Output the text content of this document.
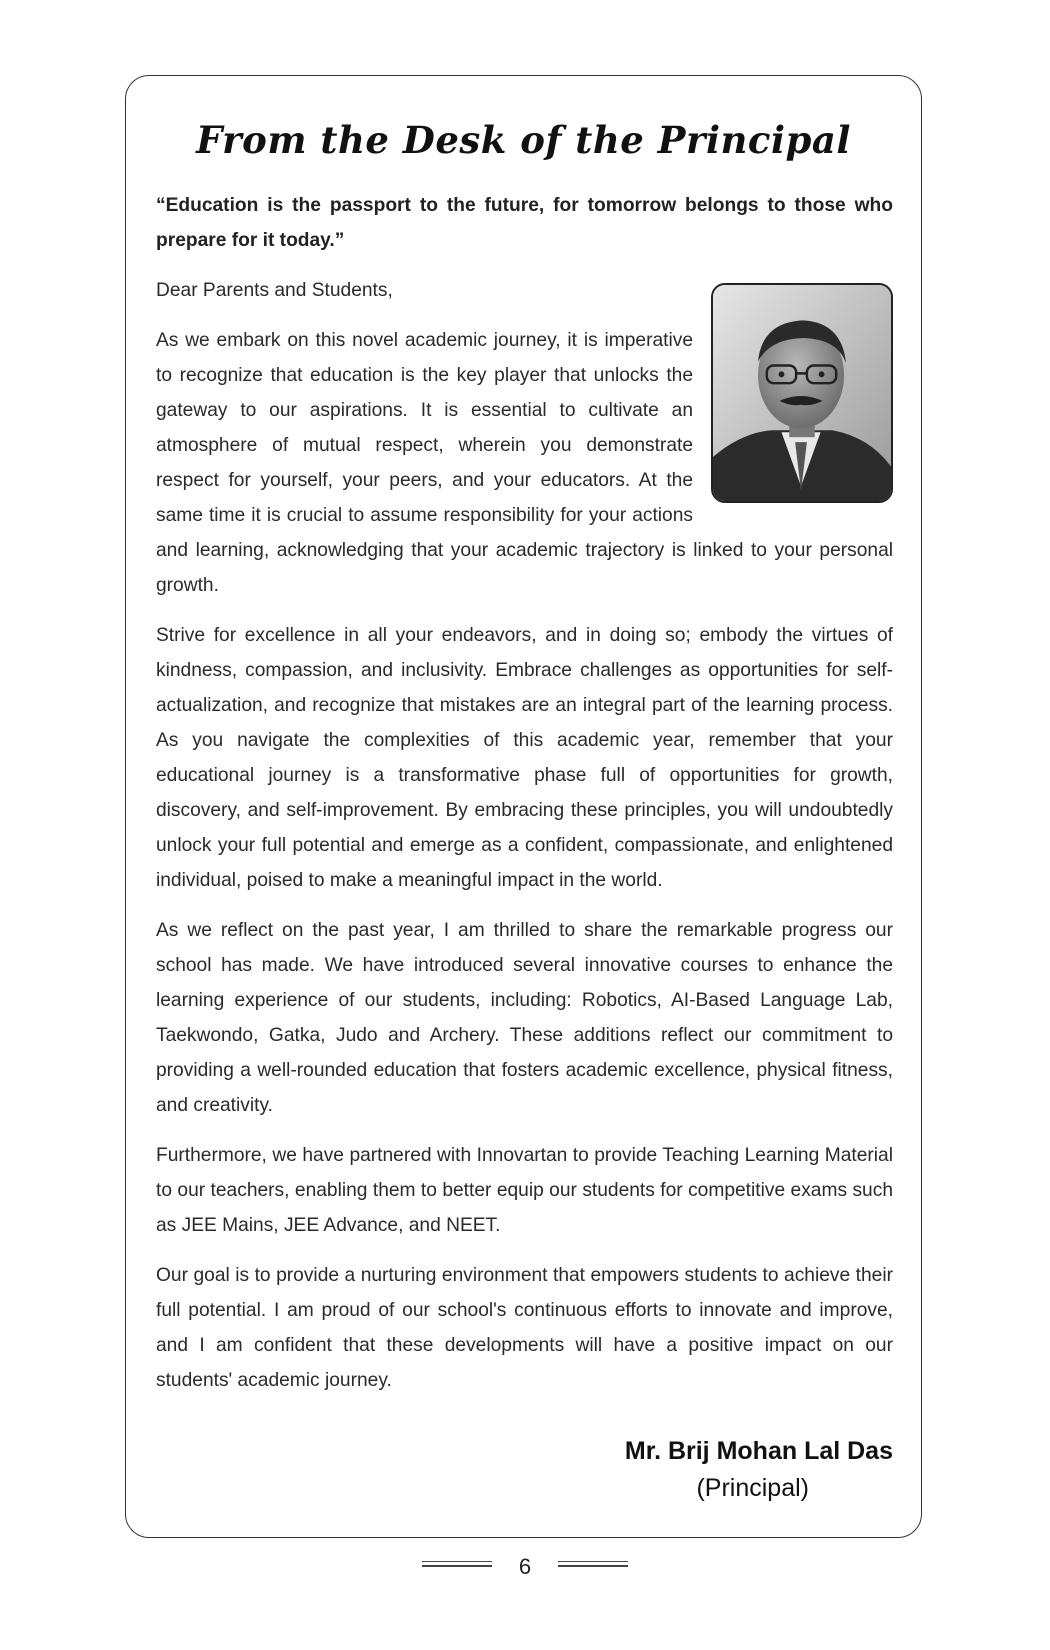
From the Desk of the Principal

“Education is the passport to the future, for tomorrow belongs to those who prepare for it today.”

Dear Parents and Students,

As we embark on this novel academic journey, it is imperative to recognize that education is the key player that unlocks the gateway to our aspirations. It is essential to cultivate an atmosphere of mutual respect, wherein you demonstrate respect for yourself, your peers, and your educators. At the same time it is crucial to assume responsibility for your actions and learning, acknowledging that your academic trajectory is linked to your personal growth.

Strive for excellence in all your endeavors, and in doing so; embody the virtues of kindness, compassion, and inclusivity. Embrace challenges as opportunities for self-actualization, and recognize that mistakes are an integral part of the learning process. As you navigate the complexities of this academic year, remember that your educational journey is a transformative phase full of opportunities for growth, discovery, and self-improvement. By embracing these principles, you will undoubtedly unlock your full potential and emerge as a confident, compassionate, and enlightened individual, poised to make a meaningful impact in the world.

As we reflect on the past year, I am thrilled to share the remarkable progress our school has made. We have introduced several innovative courses to enhance the learning experience of our students, including: Robotics, AI-Based Language Lab, Taekwondo, Gatka, Judo and Archery. These additions reflect our commitment to providing a well-rounded education that fosters academic excellence, physical fitness, and creativity.

Furthermore, we have partnered with Innovartan to provide Teaching Learning Material to our teachers, enabling them to better equip our students for competitive exams such as JEE Mains, JEE Advance, and NEET.

Our goal is to provide a nurturing environment that empowers students to achieve their full potential. I am proud of our school's continuous efforts to innovate and improve, and I am confident that these developments will have a positive impact on our students' academic journey.

Mr. Brij Mohan Lal Das
(Principal)
6
